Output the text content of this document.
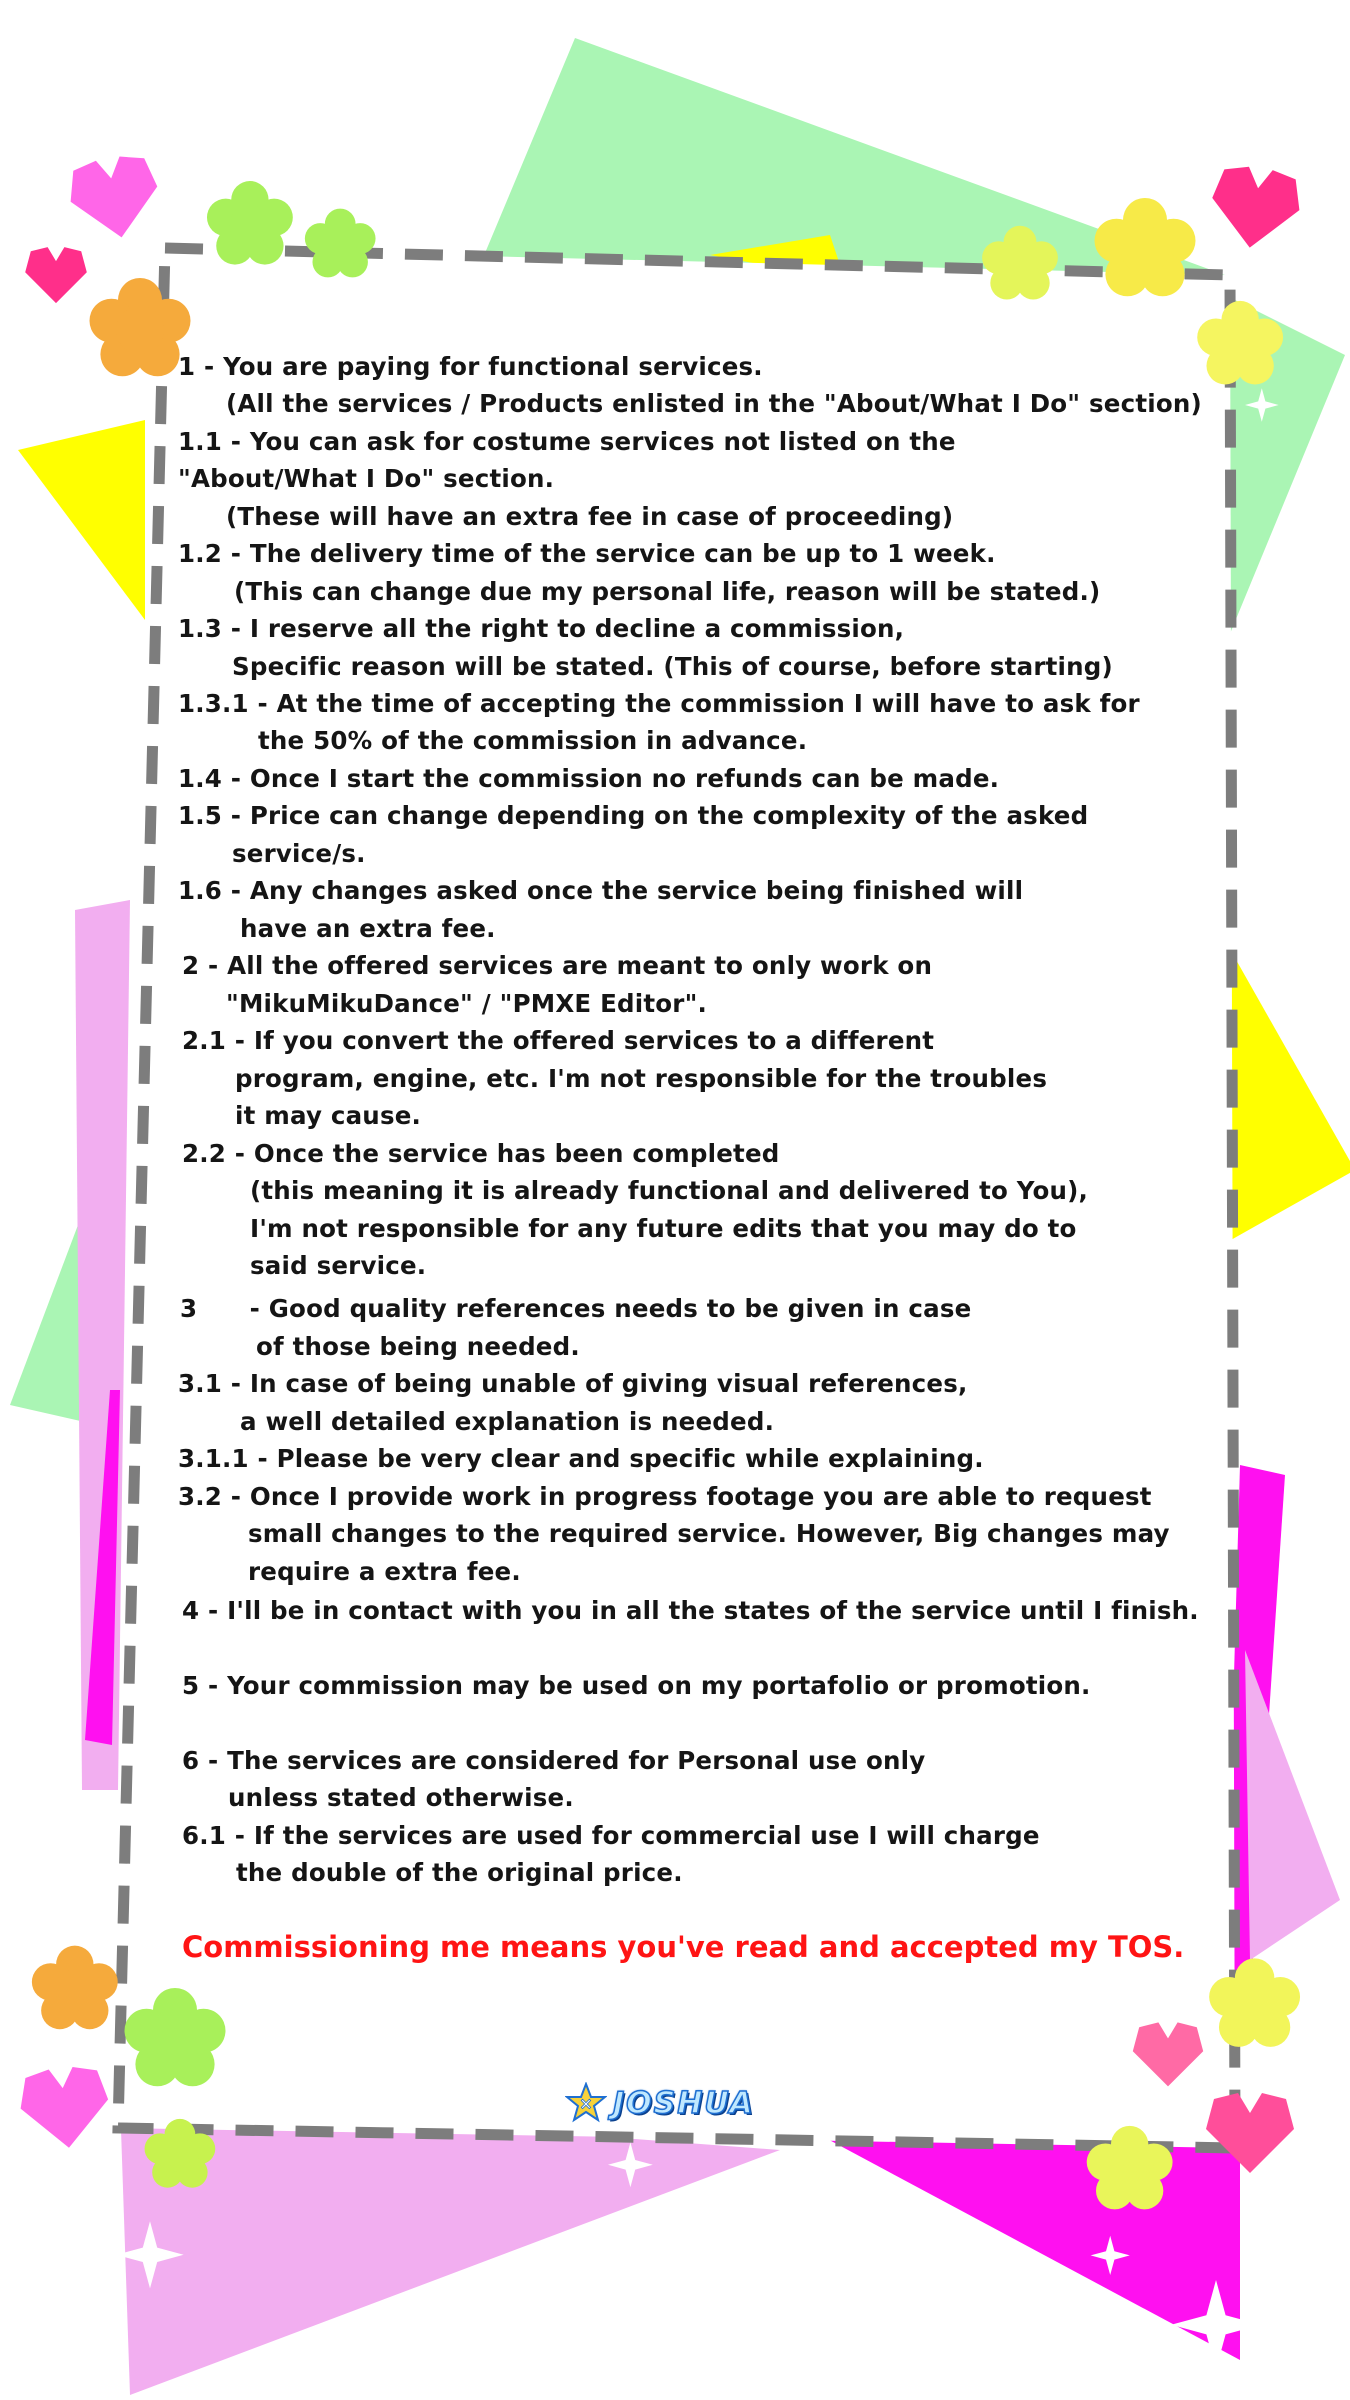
1 - You are paying for functional services.

(All the services / Products enlisted in the "About/What I Do" section)

1.1 - You can ask for costume services not listed on the

"About/What I Do" section.

(These will have an extra fee in case of proceeding)

1.2 - The delivery time of the service can be up to 1 week.

(This can change due my personal life, reason will be stated.)

1.3 - I reserve all the right to decline a commission,

Specific reason will be stated. (This of course, before starting)

1.3.1 - At the time of accepting the commission I will have to ask for

the 50% of the commission in advance.

1.4 - Once I start the commission no refunds can be made.

1.5 - Price can change depending on the complexity of the asked

service/s.

1.6 - Any changes asked once the service being finished will

have an extra fee.

2 - All the offered services are meant to only work on

"MikuMikuDance" / "PMXE Editor".

2.1 - If you convert the offered services to a different

program, engine, etc. I'm not responsible for the troubles

it may cause.

2.2 - Once the service has been completed

(this meaning it is already functional and delivered to You),

I'm not responsible for any future edits that you may do to

said service.

3      - Good quality references needs to be given in case

of those being needed.

3.1 - In case of being unable of giving visual references,

a well detailed explanation is needed.

3.1.1 - Please be very clear and specific while explaining.

3.2 - Once I provide work in progress footage you are able to request

small changes to the required service. However, Big changes may

require a extra fee.

4 - I'll be in contact with you in all the states of the service until I finish.

5 - Your commission may be used on my portafolio or promotion.

6 - The services are considered for Personal use only

unless stated otherwise.

6.1 - If the services are used for commercial use I will charge

the double of the original price.

Commissioning me means you've read and accepted my TOS.

× JOSHUA
